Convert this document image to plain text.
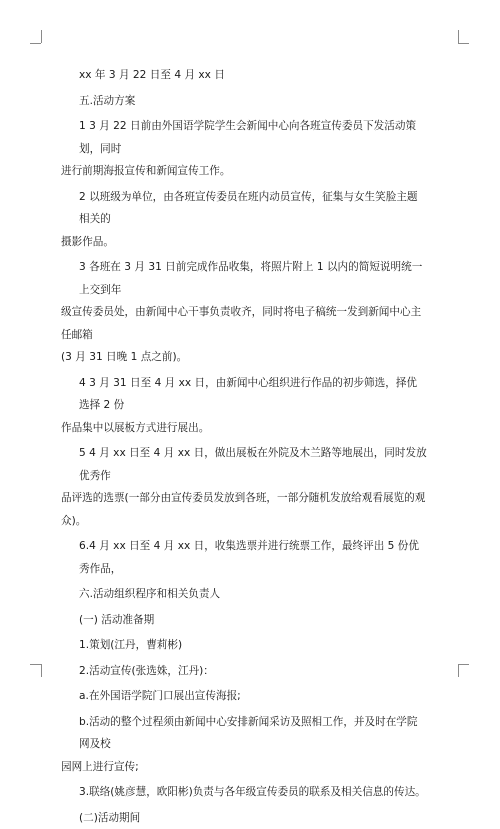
xx 年 3 月 22 日至 4 月 xx 日

五.活动方案

1 3 月 22 日前由外国语学院学生会新闻中心向各班宣传委员下发活动策划，同时

进行前期海报宣传和新闻宣传工作。

2 以班级为单位，由各班宣传委员在班内动员宣传，征集与女生笑脸主题相关的

摄影作品。

3 各班在 3 月 31 日前完成作品收集，将照片附上 1 以内的简短说明统一上交到年

级宣传委员处，由新闻中心干事负责收齐，同时将电子稿统一发到新闻中心主任邮箱

(3 月 31 日晚 1 点之前)。

4 3 月 31 日至 4 月 xx 日，由新闻中心组织进行作品的初步筛选，择优选择 2 份

作品集中以展板方式进行展出。

5 4 月 xx 日至 4 月 xx 日，做出展板在外院及木兰路等地展出，同时发放优秀作

品评选的选票(一部分由宣传委员发放到各班，一部分随机发放给观看展览的观众)。

6.4 月 xx 日至 4 月 xx 日，收集选票并进行统票工作，最终评出 5 份优秀作品，

六.活动组织程序和相关负责人

(一) 活动准备期

1.策划(江丹，曹莉彬)

2.活动宣传(张选姝，江丹)：

a.在外国语学院门口展出宣传海报;

b.活动的整个过程须由新闻中心安排新闻采访及照相工作，并及时在学院网及校

园网上进行宣传;

3.联络(姚彦慧，欧阳彬)负责与各年级宣传委员的联系及相关信息的传达。

(二)活动期间
